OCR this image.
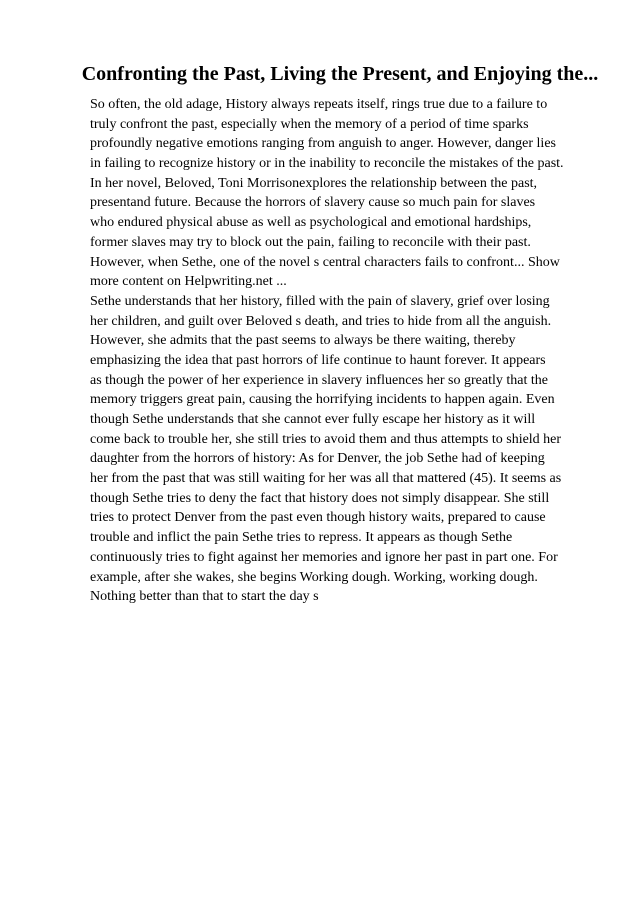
Confronting the Past, Living the Present, and Enjoying the...
So often, the old adage, History always repeats itself, rings true due to a failure to
truly confront the past, especially when the memory of a period of time sparks
profoundly negative emotions ranging from anguish to anger. However, danger lies
in failing to recognize history or in the inability to reconcile the mistakes of the past.
In her novel, Beloved, Toni Morrisonexplores the relationship between the past,
presentand future. Because the horrors of slavery cause so much pain for slaves
who endured physical abuse as well as psychological and emotional hardships,
former slaves may try to block out the pain, failing to reconcile with their past.
However, when Sethe, one of the novel s central characters fails to confront... Show
more content on Helpwriting.net ...
Sethe understands that her history, filled with the pain of slavery, grief over losing
her children, and guilt over Beloved s death, and tries to hide from all the anguish.
However, she admits that the past seems to always be there waiting, thereby
emphasizing the idea that past horrors of life continue to haunt forever. It appears
as though the power of her experience in slavery influences her so greatly that the
memory triggers great pain, causing the horrifying incidents to happen again. Even
though Sethe understands that she cannot ever fully escape her history as it will
come back to trouble her, she still tries to avoid them and thus attempts to shield her
daughter from the horrors of history: As for Denver, the job Sethe had of keeping
her from the past that was still waiting for her was all that mattered (45). It seems as
though Sethe tries to deny the fact that history does not simply disappear. She still
tries to protect Denver from the past even though history waits, prepared to cause
trouble and inflict the pain Sethe tries to repress. It appears as though Sethe
continuously tries to fight against her memories and ignore her past in part one. For
example, after she wakes, she begins Working dough. Working, working dough.
Nothing better than that to start the day s
